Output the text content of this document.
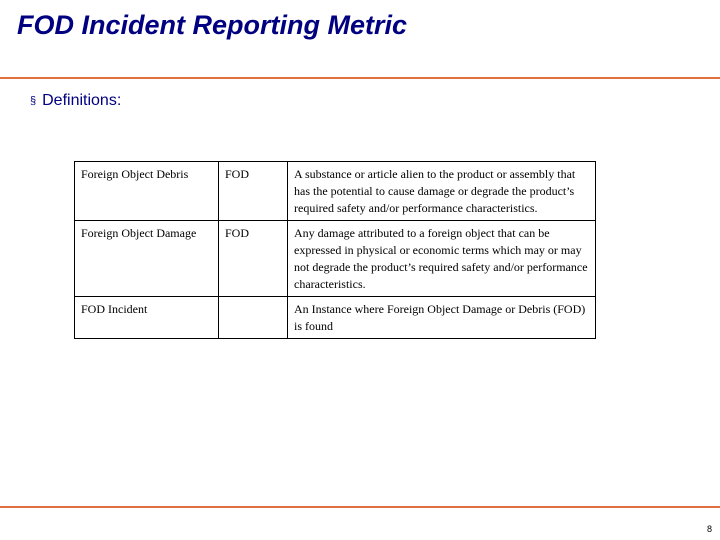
FOD Incident Reporting Metric
§ Definitions:
Foreign Object Debris	FOD	A substance or article alien to the product or assembly that has the potential to cause damage or degrade the product’s required safety and/or performance characteristics.
Foreign Object Damage	FOD	Any damage attributed to a foreign object that can be expressed in physical or economic terms which may or may not degrade the product’s required safety and/or performance characteristics.
FOD Incident		An Instance where Foreign Object Damage or Debris (FOD) is found
8
